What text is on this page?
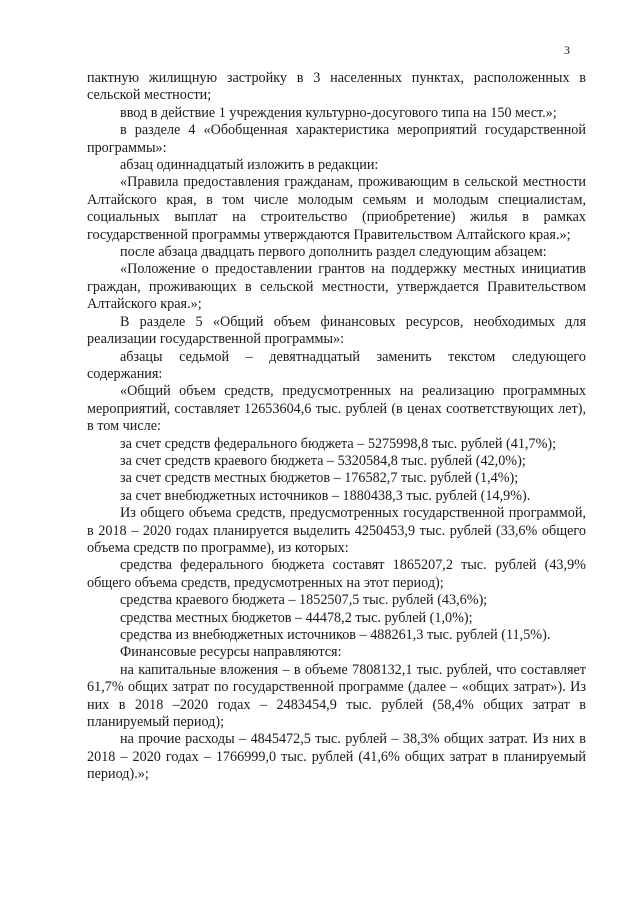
3

пактную жилищную застройку в 3 населенных пунктах, расположенных в сельской местности;

ввод в действие 1 учреждения культурно-досугового типа на 150 мест.»;

в разделе 4 «Обобщенная характеристика мероприятий государственной программы»:

абзац одиннадцатый изложить в редакции:

«Правила предоставления гражданам, проживающим в сельской местности Алтайского края, в том числе молодым семьям и молодым специалистам, социальных выплат на строительство (приобретение) жилья в рамках государственной программы утверждаются Правительством Алтайского края.»;

после абзаца двадцать первого дополнить раздел следующим абзацем:

«Положение о предоставлении грантов на поддержку местных инициатив граждан, проживающих в сельской местности, утверждается Правительством Алтайского края.»;

В разделе 5 «Общий объем финансовых ресурсов, необходимых для реализации государственной программы»:

абзацы седьмой – девятнадцатый заменить текстом следующего содержания:

«Общий объем средств, предусмотренных на реализацию программных мероприятий, составляет 12653604,6 тыс. рублей (в ценах соответствующих лет), в том числе:

за счет средств федерального бюджета – 5275998,8 тыс. рублей (41,7%);

за счет средств краевого бюджета – 5320584,8 тыс. рублей (42,0%);

за счет средств местных бюджетов – 176582,7 тыс. рублей (1,4%);

за счет внебюджетных источников – 1880438,3 тыс. рублей (14,9%).

Из общего объема средств, предусмотренных государственной программой, в 2018 – 2020 годах планируется выделить 4250453,9 тыс. рублей (33,6% общего объема средств по программе), из которых:

средства федерального бюджета составят 1865207,2 тыс. рублей (43,9% общего объема средств, предусмотренных на этот период);

средства краевого бюджета – 1852507,5 тыс. рублей (43,6%);

средства местных бюджетов – 44478,2 тыс. рублей (1,0%);

средства из внебюджетных источников – 488261,3 тыс. рублей (11,5%).

Финансовые ресурсы направляются:

на капитальные вложения – в объеме 7808132,1 тыс. рублей, что составляет 61,7% общих затрат по государственной программе (далее – «общих затрат»). Из них в 2018 –2020 годах – 2483454,9 тыс. рублей (58,4% общих затрат в планируемый период);

на прочие расходы – 4845472,5 тыс. рублей – 38,3% общих затрат. Из них в 2018 – 2020 годах – 1766999,0 тыс. рублей (41,6% общих затрат в планируемый период).»;
